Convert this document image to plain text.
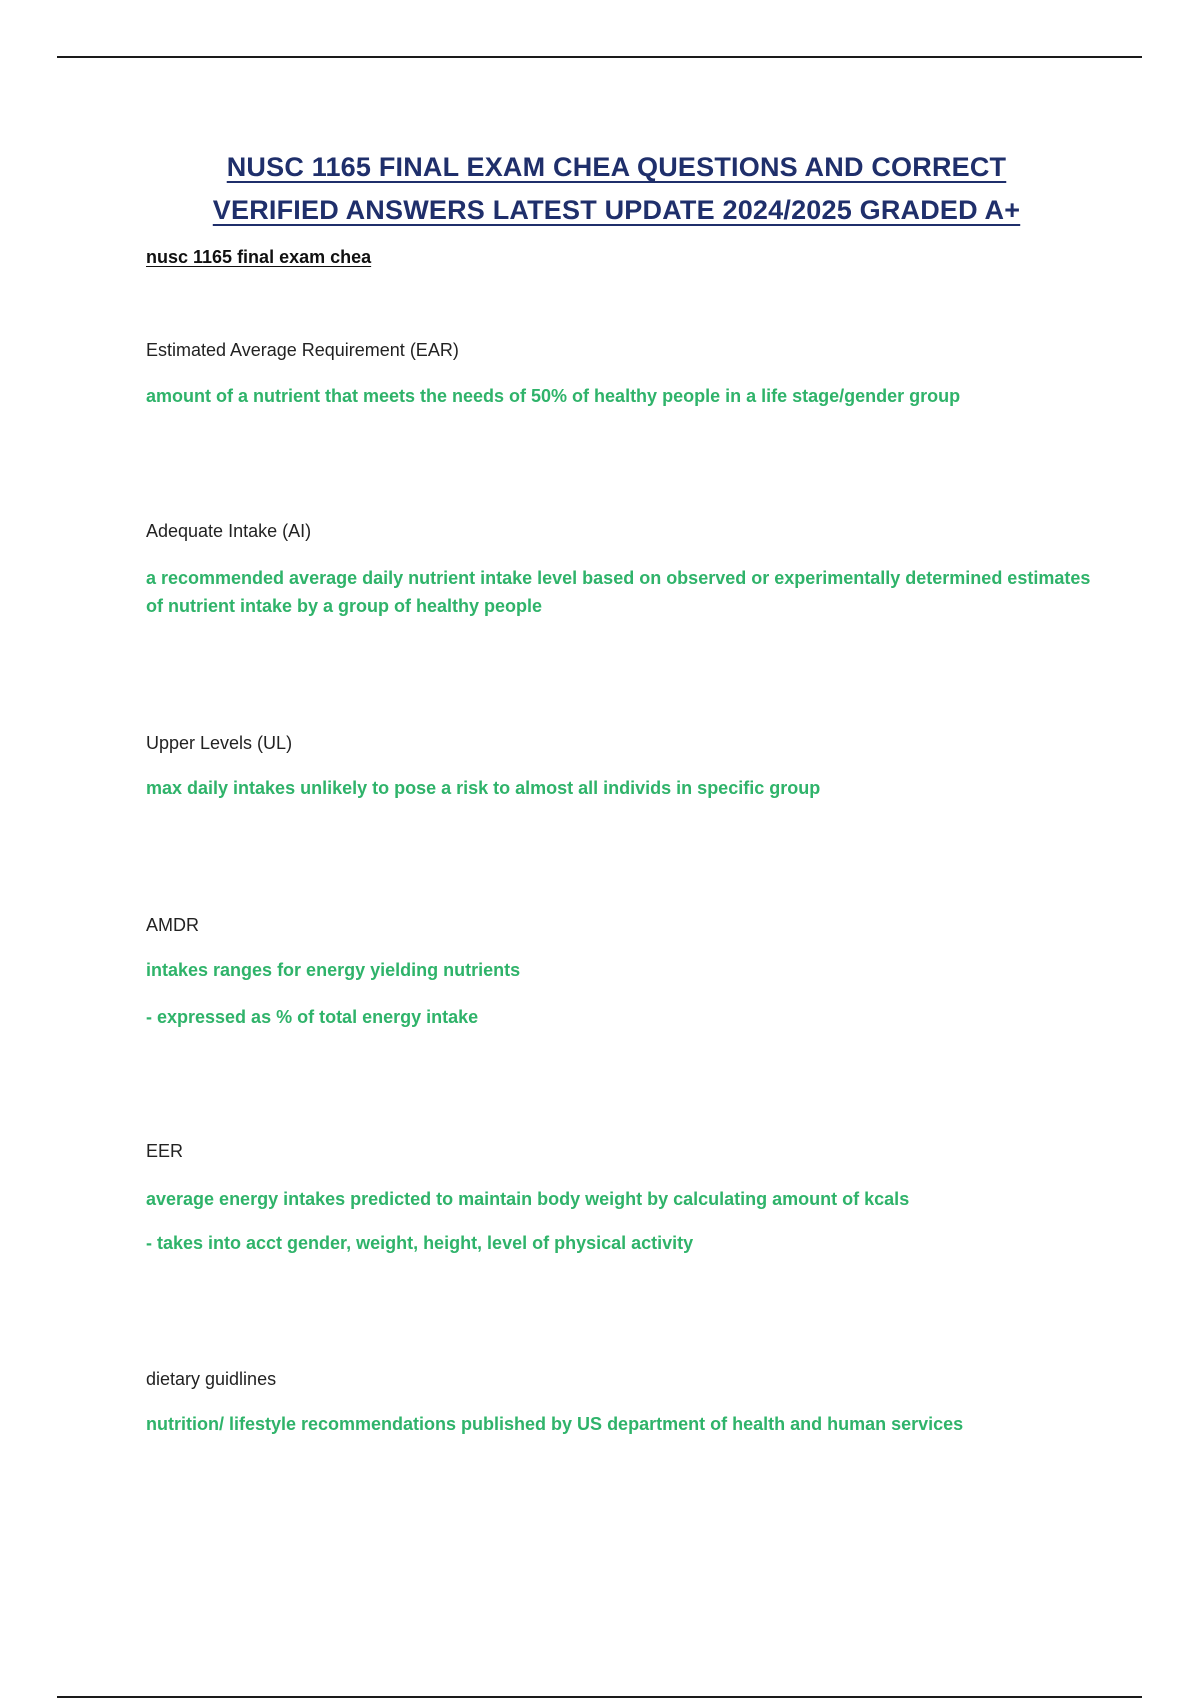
NUSC 1165 FINAL EXAM CHEA QUESTIONS AND CORRECT
VERIFIED ANSWERS LATEST UPDATE 2024/2025 GRADED A+
nusc 1165 final exam chea
Estimated Average Requirement (EAR)
amount of a nutrient that meets the needs of 50% of healthy people in a life stage/gender group
Adequate Intake (AI)
a recommended average daily nutrient intake level based on observed or experimentally determined estimates of nutrient intake by a group of healthy people
Upper Levels (UL)
max daily intakes unlikely to pose a risk to almost all individs in specific group
AMDR
intakes ranges for energy yielding nutrients
- expressed as % of total energy intake
EER
average energy intakes predicted to maintain body weight by calculating amount of kcals
- takes into acct gender, weight, height, level of physical activity
dietary guidlines
nutrition/ lifestyle recommendations published by US department of health and human services
